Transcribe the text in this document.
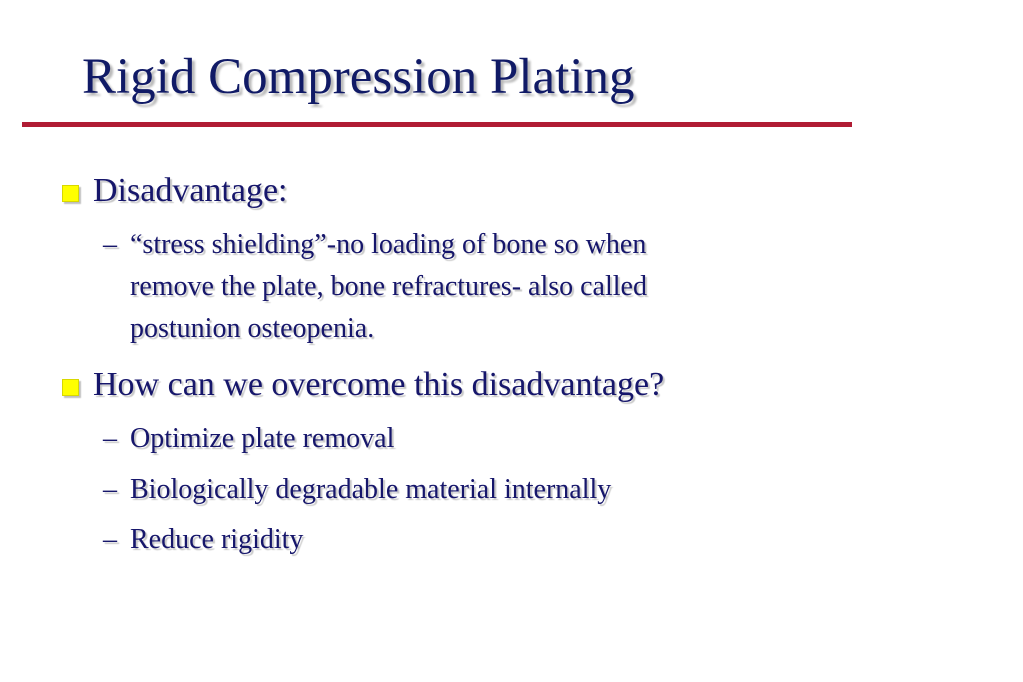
Rigid Compression Plating
Disadvantage:
– “stress shielding”-no loading of bone so when
remove the plate, bone refractures- also called
postunion osteopenia.
How can we overcome this disadvantage?
– Optimize plate removal
– Biologically degradable material internally
– Reduce rigidity
